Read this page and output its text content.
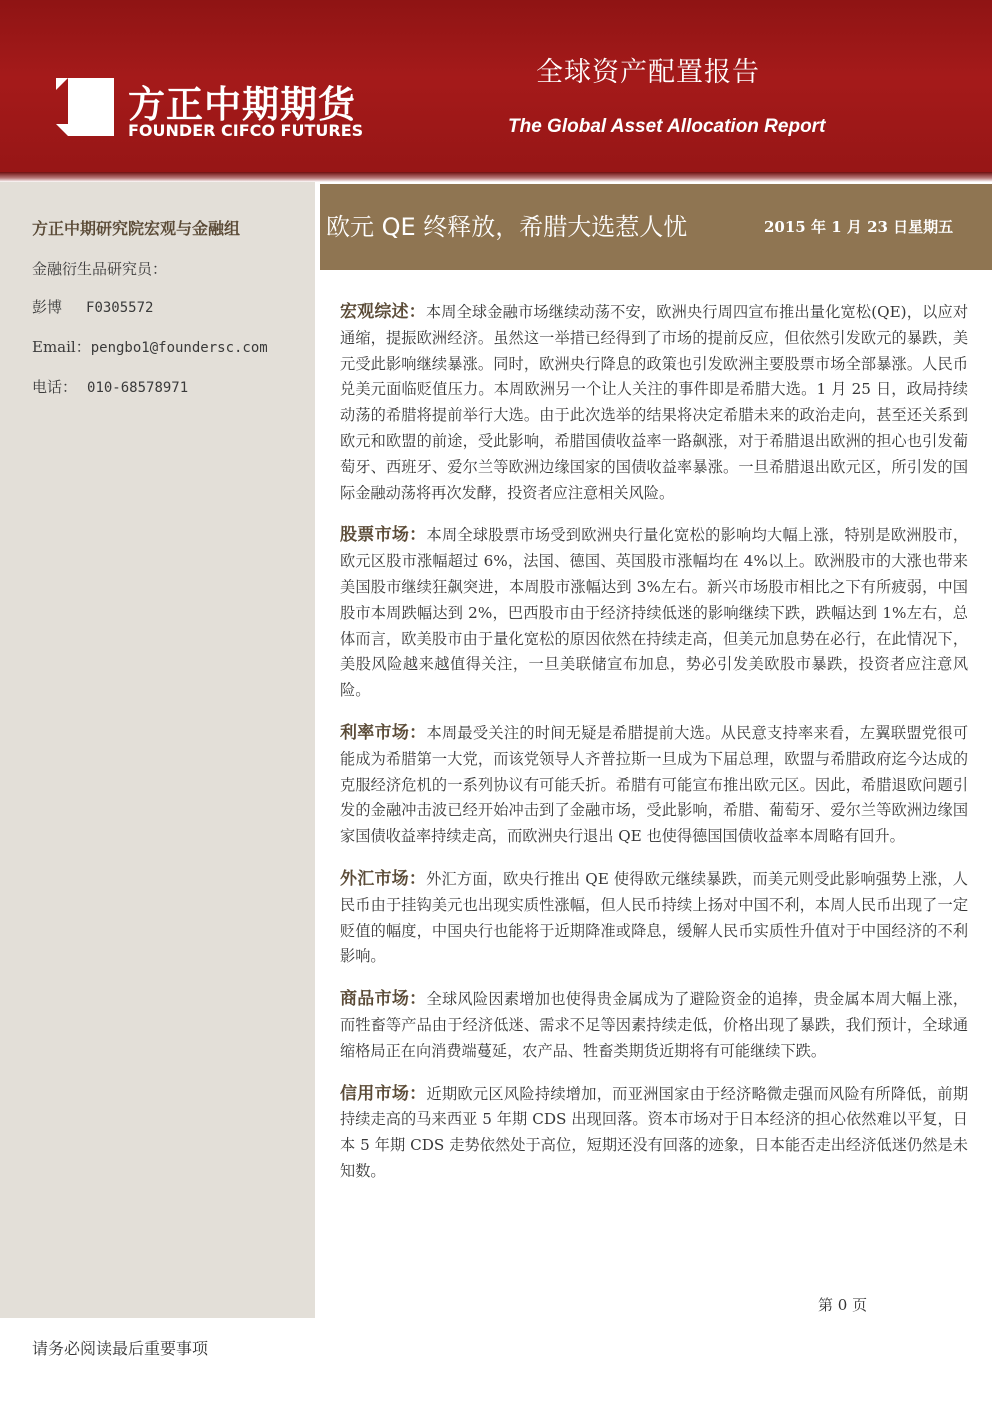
方正中期期货
FOUNDER CIFCO FUTURES
全球资产配置报告
The Global Asset Allocation Report
方正中期研究院宏观与金融组
金融衍生品研究员：
彭博 F0305572
Email：pengbo1@foundersc.com
电话： 010-68578971
欧元 QE 终释放，希腊大选惹人忧	2015 年 1 月 23 日星期五

宏观综述：本周全球金融市场继续动荡不安，欧洲央行周四宣布推出量化宽松(QE)，以应对通缩，提振欧洲经济。虽然这一举措已经得到了市场的提前反应，但依然引发欧元的暴跌，美元受此影响继续暴涨。同时，欧洲央行降息的政策也引发欧洲主要股票市场全部暴涨。人民币兑美元面临贬值压力。本周欧洲另一个让人关注的事件即是希腊大选。1 月 25 日，政局持续动荡的希腊将提前举行大选。由于此次选举的结果将决定希腊未来的政治走向，甚至还关系到欧元和欧盟的前途，受此影响，希腊国债收益率一路飙涨，对于希腊退出欧洲的担心也引发葡萄牙、西班牙、爱尔兰等欧洲边缘国家的国债收益率暴涨。一旦希腊退出欧元区，所引发的国际金融动荡将再次发酵，投资者应注意相关风险。

股票市场：本周全球股票市场受到欧洲央行量化宽松的影响均大幅上涨，特别是欧洲股市，欧元区股市涨幅超过 6%，法国、德国、英国股市涨幅均在 4%以上。欧洲股市的大涨也带来美国股市继续狂飙突进，本周股市涨幅达到 3%左右。新兴市场股市相比之下有所疲弱，中国股市本周跌幅达到 2%，巴西股市由于经济持续低迷的影响继续下跌，跌幅达到 1%左右，总体而言，欧美股市由于量化宽松的原因依然在持续走高，但美元加息势在必行，在此情况下，美股风险越来越值得关注，一旦美联储宣布加息，势必引发美欧股市暴跌，投资者应注意风险。

利率市场：本周最受关注的时间无疑是希腊提前大选。从民意支持率来看，左翼联盟党很可能成为希腊第一大党，而该党领导人齐普拉斯一旦成为下届总理，欧盟与希腊政府迄今达成的克服经济危机的一系列协议有可能夭折。希腊有可能宣布推出欧元区。因此，希腊退欧问题引发的金融冲击波已经开始冲击到了金融市场，受此影响，希腊、葡萄牙、爱尔兰等欧洲边缘国家国债收益率持续走高，而欧洲央行退出 QE 也使得德国国债收益率本周略有回升。

外汇市场：外汇方面，欧央行推出 QE 使得欧元继续暴跌，而美元则受此影响强势上涨，人民币由于挂钩美元也出现实质性涨幅，但人民币持续上扬对中国不利，本周人民币出现了一定贬值的幅度，中国央行也能将于近期降准或降息，缓解人民币实质性升值对于中国经济的不利影响。

商品市场：全球风险因素增加也使得贵金属成为了避险资金的追捧，贵金属本周大幅上涨，而牲畜等产品由于经济低迷、需求不足等因素持续走低，价格出现了暴跌，我们预计，全球通缩格局正在向消费端蔓延，农产品、牲畜类期货近期将有可能继续下跌。

信用市场：近期欧元区风险持续增加，而亚洲国家由于经济略微走强而风险有所降低，前期持续走高的马来西亚 5 年期 CDS 出现回落。资本市场对于日本经济的担心依然难以平复，日本 5 年期 CDS 走势依然处于高位，短期还没有回落的迹象，日本能否走出经济低迷仍然是未知数。

第 0 页
请务必阅读最后重要事项
